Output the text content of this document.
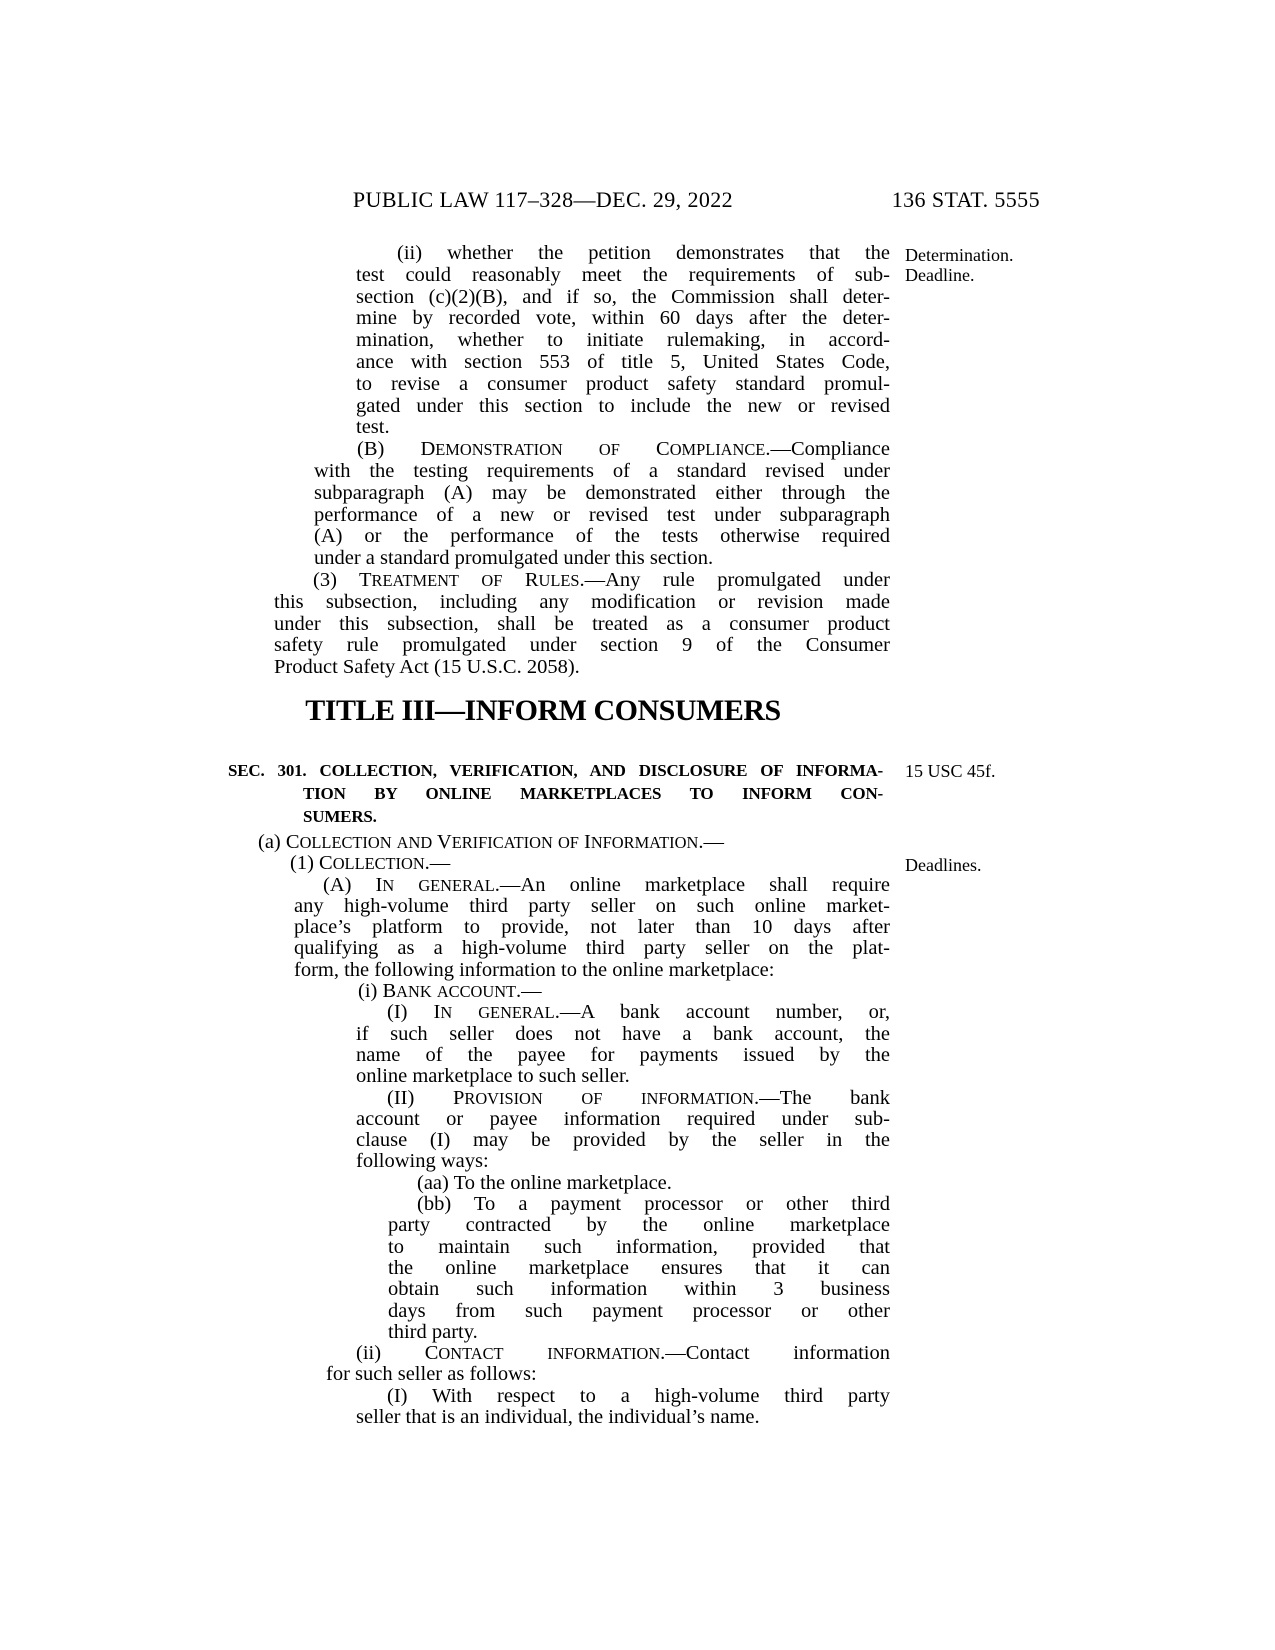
PUBLIC LAW 117–328—DEC. 29, 2022	136 STAT. 5555
(ii) whether the petition demonstrates that the
test could reasonably meet the requirements of sub-
section (c)(2)(B), and if so, the Commission shall deter-
mine by recorded vote, within 60 days after the deter-
mination, whether to initiate rulemaking, in accord-
ance with section 553 of title 5, United States Code,
to revise a consumer product safety standard promul-
gated under this section to include the new or revised
test.
(B) DEMONSTRATION OF COMPLIANCE.—Compliance
with the testing requirements of a standard revised under
subparagraph (A) may be demonstrated either through the
performance of a new or revised test under subparagraph
(A) or the performance of the tests otherwise required
under a standard promulgated under this section.
(3) TREATMENT OF RULES.—Any rule promulgated under
this subsection, including any modification or revision made
under this subsection, shall be treated as a consumer product
safety rule promulgated under section 9 of the Consumer
Product Safety Act (15 U.S.C. 2058).
TITLE III—INFORM CONSUMERS
SEC. 301. COLLECTION, VERIFICATION, AND DISCLOSURE OF INFORMA-
TION BY ONLINE MARKETPLACES TO INFORM CON-
SUMERS.
(a) COLLECTION AND VERIFICATION OF INFORMATION.—
(1) COLLECTION.—
(A) IN GENERAL.—An online marketplace shall require
any high-volume third party seller on such online market-
place’s platform to provide, not later than 10 days after
qualifying as a high-volume third party seller on the plat-
form, the following information to the online marketplace:
(i) BANK ACCOUNT.—
(I) IN GENERAL.—A bank account number, or,
if such seller does not have a bank account, the
name of the payee for payments issued by the
online marketplace to such seller.
(II) PROVISION OF INFORMATION.—The bank
account or payee information required under sub-
clause (I) may be provided by the seller in the
following ways:
(aa) To the online marketplace.
(bb) To a payment processor or other third
party contracted by the online marketplace
to maintain such information, provided that
the online marketplace ensures that it can
obtain such information within 3 business
days from such payment processor or other
third party.
(ii) CONTACT	INFORMATION.—Contact information
for such seller as follows:
(I) With respect to a high-volume third party
seller that is an individual, the individual’s name.
Determination.
Deadline.
15 USC 45f.
Deadlines.
